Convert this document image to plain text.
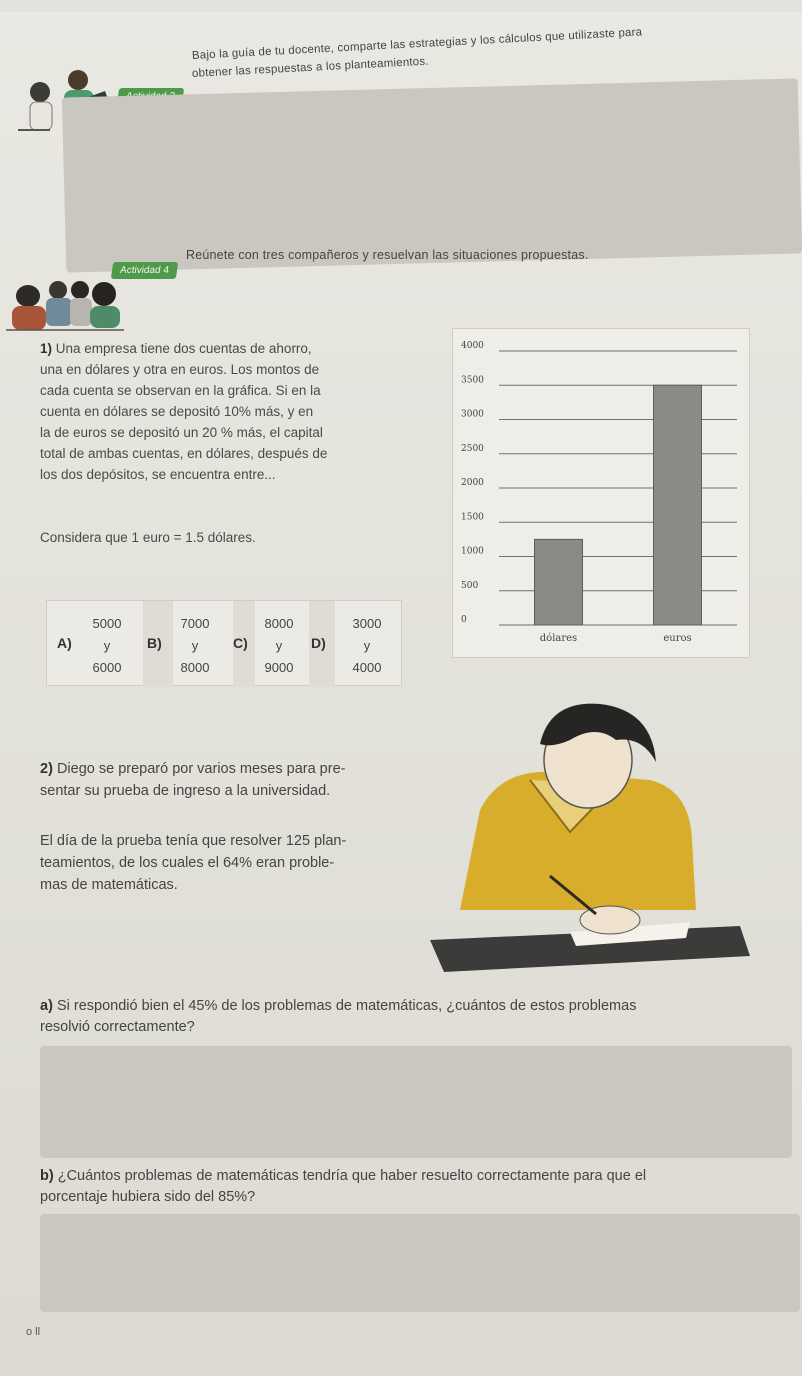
Bajo la guía de tu docente, comparte las estrategias y los cálculos que utilizaste para
obtener las respuestas a los planteamientos.
Actividad 4
Reúnete con tres compañeros y resuelvan las situaciones propuestas.
1) Una empresa tiene dos cuentas de ahorro,
una en dólares y otra en euros. Los montos de
cada cuenta se observan en la gráfica. Si en la
cuenta en dólares se depositó 10% más, y en
la de euros se depositó un 20 % más, el capital
total de ambas cuentas, en dólares, después de
los dos depósitos, se encuentra entre...
Considera que 1 euro = 1.5 dólares.
A)
5000
y
6000
B)
7000
y
8000
C)
8000
y
9000
D)
3000
y
4000
0
500
1000
1500
2000
2500
3000
3500
4000
dólares	euros
2) Diego se preparó por varios meses para pre-
sentar su prueba de ingreso a la universidad.
El día de la prueba tenía que resolver 125 plan-
teamientos, de los cuales el 64% eran proble-
mas de matemáticas.
a) Si respondió bien el 45% de los problemas de matemáticas, ¿cuántos de estos problemas
resolvió correctamente?
b) ¿Cuántos problemas de matemáticas tendría que haber resuelto correctamente para que el
porcentaje hubiera sido del 85%?
o ll
